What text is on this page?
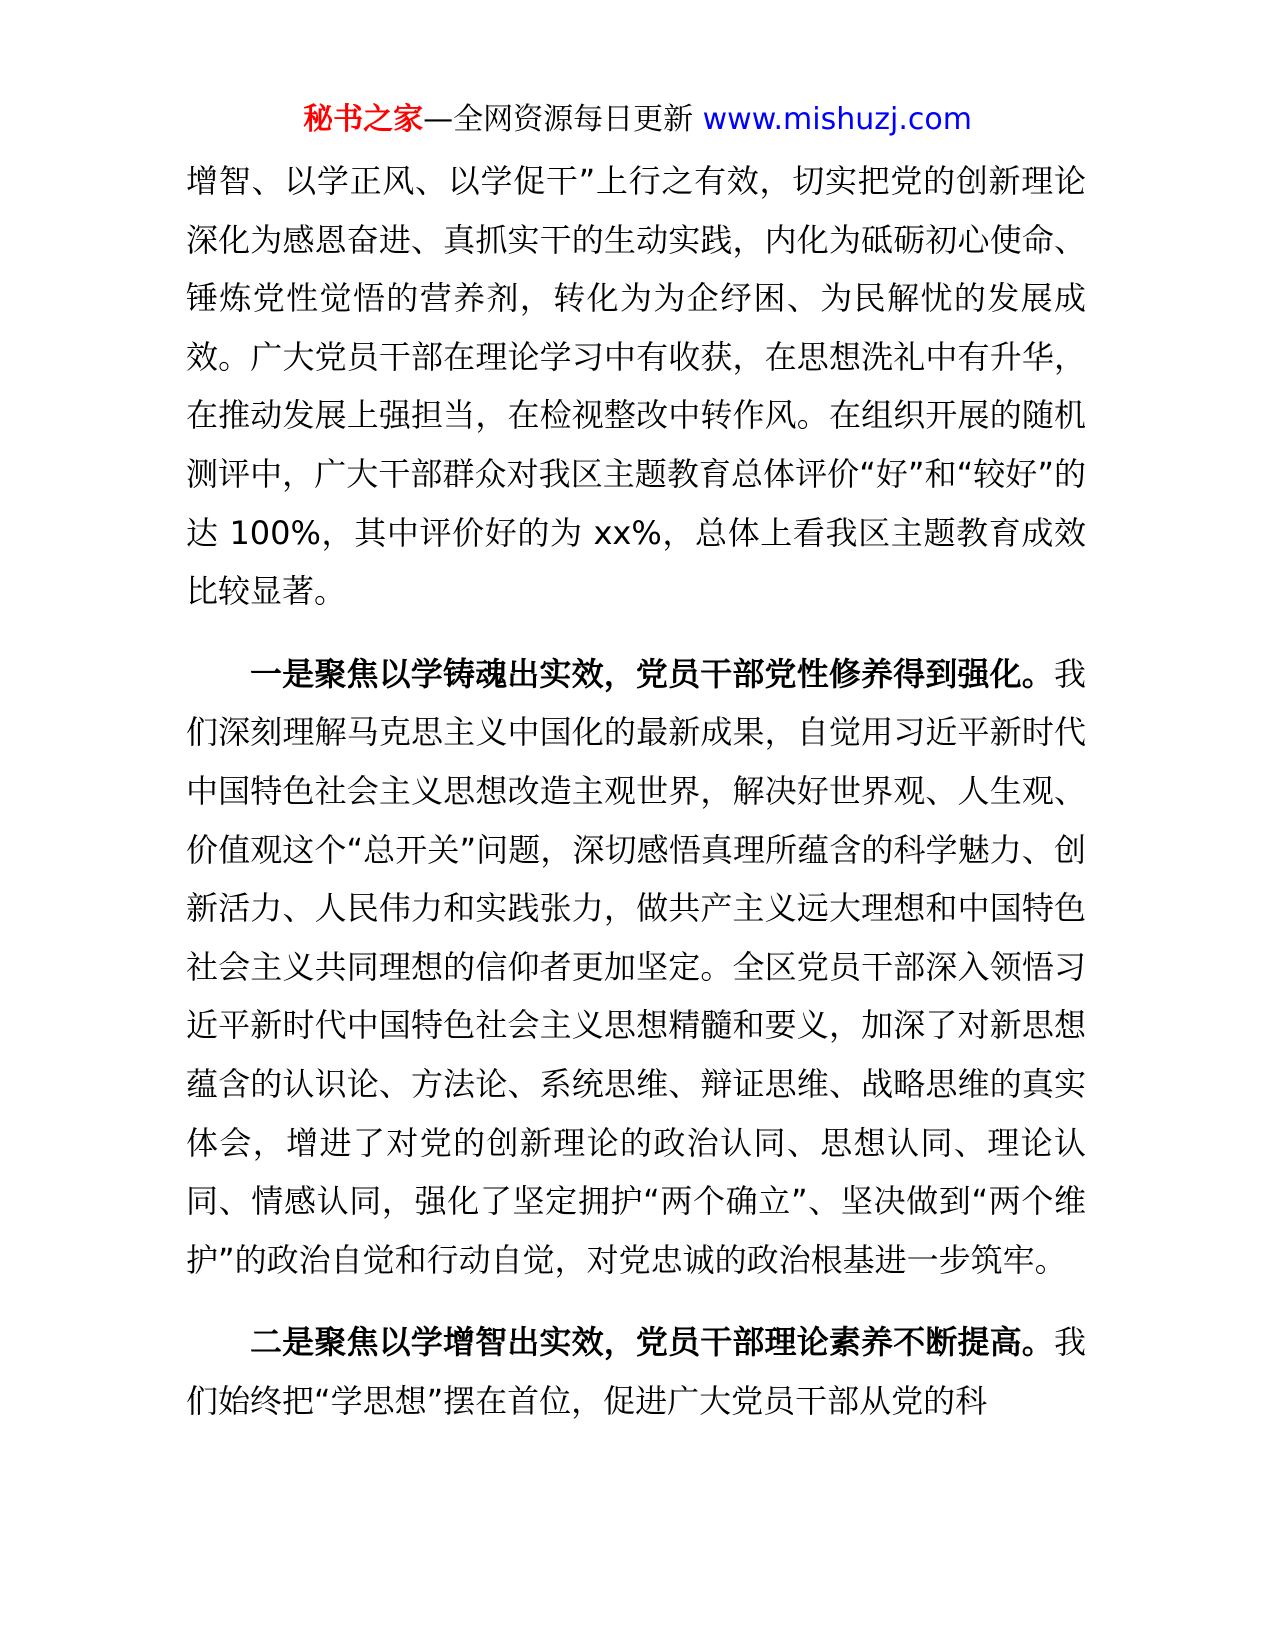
秘书之家—全网资源每日更新 www.mishuzj.com

增智、以学正风、以学促干”上行之有效，切实把党的创新理论深化为感恩奋进、真抓实干的生动实践，内化为砥砺初心使命、锤炼党性觉悟的营养剂，转化为为企纾困、为民解忧的发展成效。广大党员干部在理论学习中有收获，在思想洗礼中有升华，在推动发展上强担当，在检视整改中转作风。在组织开展的随机测评中，广大干部群众对我区主题教育总体评价“好”和“较好”的达 100%，其中评价好的为 xx%，总体上看我区主题教育成效比较显著。

一是聚焦以学铸魂出实效，党员干部党性修养得到强化。我们深刻理解马克思主义中国化的最新成果，自觉用习近平新时代中国特色社会主义思想改造主观世界，解决好世界观、人生观、价值观这个“总开关”问题，深切感悟真理所蕴含的科学魅力、创新活力、人民伟力和实践张力，做共产主义远大理想和中国特色社会主义共同理想的信仰者更加坚定。全区党员干部深入领悟习近平新时代中国特色社会主义思想精髓和要义，加深了对新思想蕴含的认识论、方法论、系统思维、辩证思维、战略思维的真实体会，增进了对党的创新理论的政治认同、思想认同、理论认同、情感认同，强化了坚定拥护“两个确立”、坚决做到“两个维护”的政治自觉和行动自觉，对党忠诚的政治根基进一步筑牢。

二是聚焦以学增智出实效，党员干部理论素养不断提高。我们始终把“学思想”摆在首位，促进广大党员干部从党的科
